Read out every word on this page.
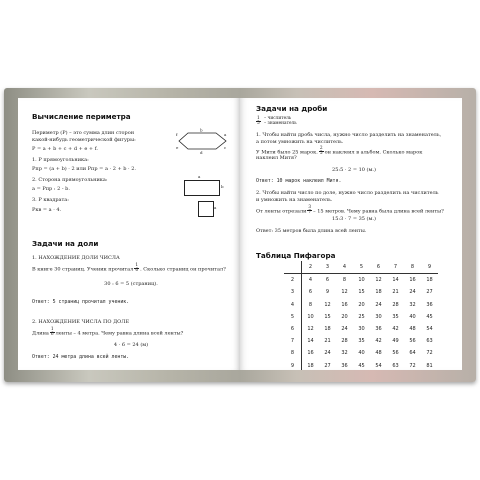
Вычисление периметра
Периметр (P) – это сумма длин сторон
какой-нибудь геометрической фигуры:
b
a
c
d
e
f
P = a + b + c + d + e + f.
1. P прямоугольника:
Pпр = (a + b) · 2 или Pпр = a · 2 + b · 2.
a
b
2. Сторона прямоугольника:
a = Pпр : 2 - b.
3. P квадрата:
Pкв = a · 4.	a
Задачи на доли
1. НАХОЖДЕНИЕ ДОЛИ ЧИСЛА
В книге 30 страниц. Ученик прочитал $\frac{1}{6}$ . Сколько страниц он прочитал?
30 : 6 = 5 (страниц).
Ответ: 5 страниц прочитал ученик.
2. НАХОЖДЕНИЕ ЧИСЛА ПО ДОЛЕ
Длина $\frac{1}{6}$ ленты – 4 метра. Чему равна длина всей ленты?
4 · 6 = 24 (м)
Ответ: 24 метра длина всей ленты.
Задачи на дроби
$\frac{1}{5}$ – числитель
– знаменатель
1. Чтобы найти дробь числа, нужно число разделить на знаменатель,
а потом умножить на числитель.
У Мити было 25 марок. $\frac{2}{5}$ он наклеил в альбом. Сколько марок
наклеил Митя?
25:5 · 2 = 10 (м.)
Ответ: 10 марок наклеил Митя.
2. Чтобы найти число по доле, нужно число разделить на числитель
и умножить на знаменатель.
От ленты отрезали $\frac{3}{7} - 15$ метров. Чему равна была длина всей ленты?
15:3 · 7 = 35 (м.)
Ответ: 35 метров была длина всей ленты.
Таблица Пифагора
	2	3	4	5	6	7	8	9
2	4	6	8	10	12	14	16	18
3	6	9	12	15	18	21	24	27
4	8	12	16	20	24	28	32	36
5	10	15	20	25	30	35	40	45
6	12	18	24	30	36	42	48	54
7	14	21	28	35	42	49	56	63
8	16	24	32	40	48	56	64	72
9	18	27	36	45	54	63	72	81
